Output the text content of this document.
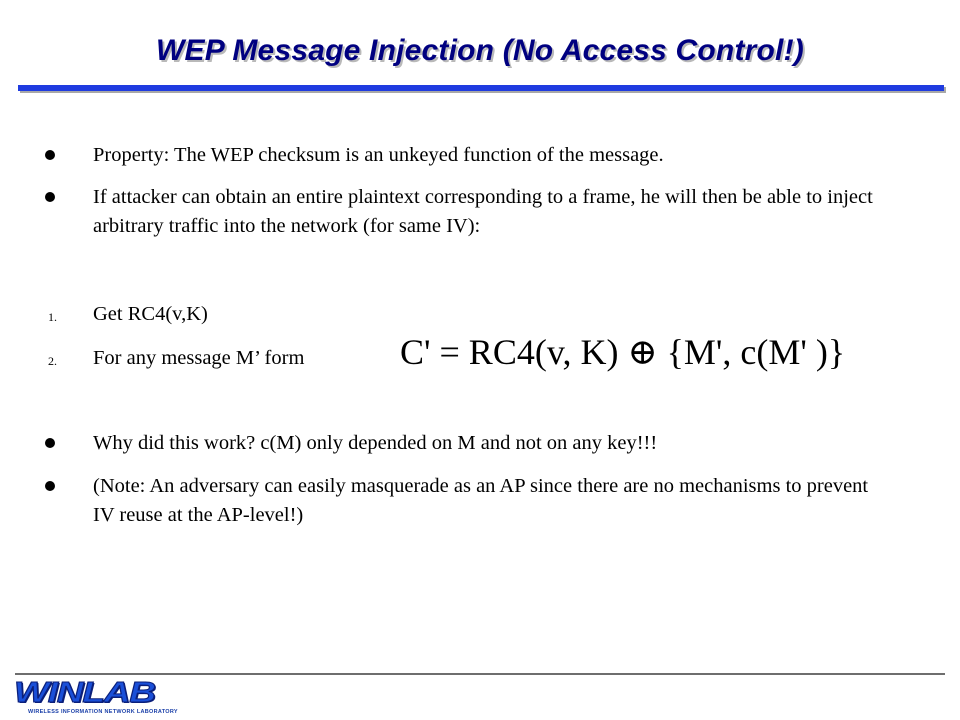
WEP Message Injection (No Access Control!)
Property: The WEP checksum is an unkeyed function of the message.
If attacker can obtain an entire plaintext corresponding to a frame, he will then be able to inject arbitrary traffic into the network (for same IV):
1. Get RC4(v,K)
2. For any message M’ form	C' = RC4(v, K) ⊕ {M', c(M' )}
Why did this work? c(M) only depended on M and not on any key!!!
(Note: An adversary can easily masquerade as an AP since there are no mechanisms to prevent IV reuse at the AP-level!)
WINLAB
WIRELESS INFORMATION NETWORK LABORATORY
